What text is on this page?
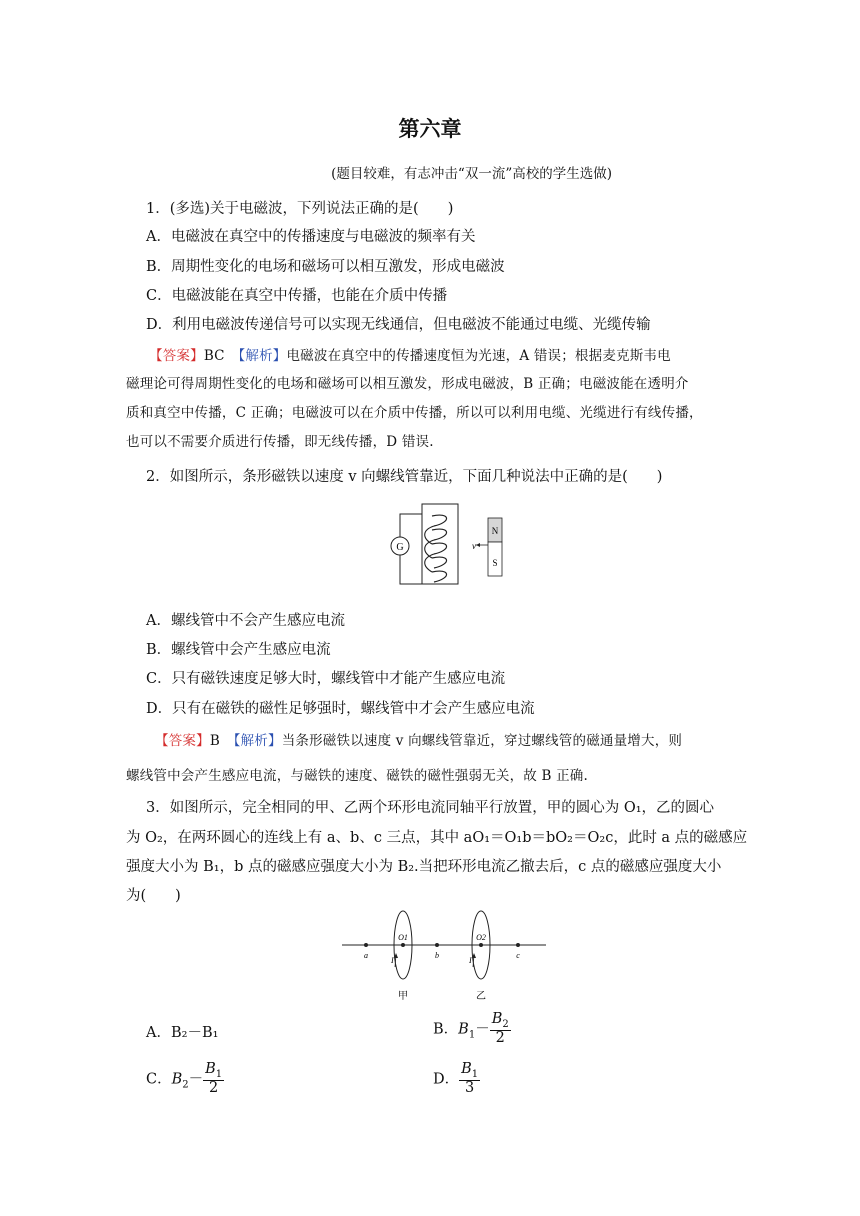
第六章
(题目较难，有志冲击“双一流”高校的学生选做)
1．(多选)关于电磁波，下列说法正确的是(　　)
A．电磁波在真空中的传播速度与电磁波的频率有关
B．周期性变化的电场和磁场可以相互激发，形成电磁波
C．电磁波能在真空中传播，也能在介质中传播
D．利用电磁波传递信号可以实现无线通信，但电磁波不能通过电缆、光缆传输
【答案】BC　 【解析】电磁波在真空中的传播速度恒为光速，A 错误；根据麦克斯韦电
磁理论可得周期性变化的电场和磁场可以相互激发，形成电磁波，B 正确；电磁波能在透明介
质和真空中传播，C 正确；电磁波可以在介质中传播，所以可以利用电缆、光缆进行有线传播，
也可以不需要介质进行传播，即无线传播，D 错误.
2．如图所示，条形磁铁以速度 v 向螺线管靠近，下面几种说法中正确的是(　　)
G	v
N
S
A．螺线管中不会产生感应电流
B．螺线管中会产生感应电流
C．只有磁铁速度足够大时，螺线管中才能产生感应电流
D．只有在磁铁的磁性足够强时，螺线管中才会产生感应电流
【答案】B　 【解析】当条形磁铁以速度 v 向螺线管靠近，穿过螺线管的磁通量增大，则
螺线管中会产生感应电流，与磁铁的速度、磁铁的磁性强弱无关，故 B 正确.
3．如图所示，完全相同的甲、乙两个环形电流同轴平行放置，甲的圆心为 O₁，乙的圆心
为 O₂，在两环圆心的连线上有 a、b、c 三点，其中 aO₁＝O₁b＝bO₂＝O₂c，此时 a 点的磁感应
强度大小为 B₁，b 点的磁感应强度大小为 B₂.当把环形电流乙撤去后，c 点的磁感应强度大小
为(　　)
a	b	c
O1	O2
I	I
甲	乙
A．B₂－B₁	B．$B_1- \frac{B_2}{2}$
C．$B_2- \frac{B_1}{2}$	D． $\frac{B_1}{3}$
